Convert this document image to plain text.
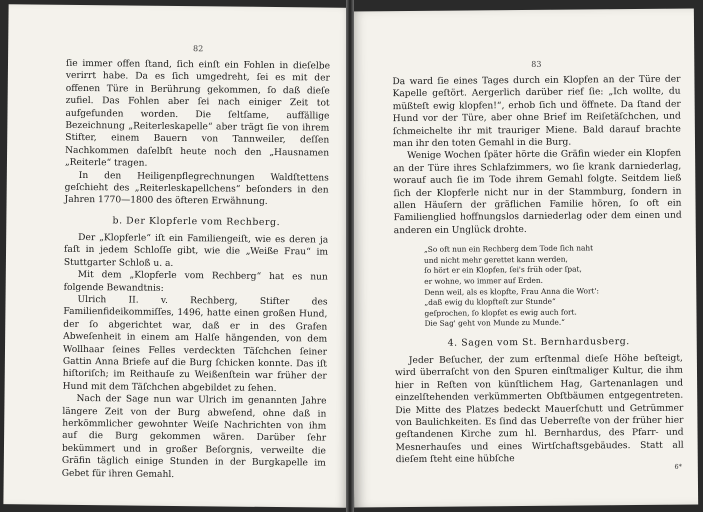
82

ſie immer offen ſtand, ſich einſt ein Fohlen in dieſelbe verirrt habe. Da es ſich umgedreht, ſei es mit der offenen Türe in Berührung gekommen, ſo daß dieſe zufiel. Das Fohlen aber ſei nach einiger Zeit tot aufgefunden worden. Die ſeltſame, auffällige Bezeichnung „Reiterleskapelle“ aber trägt ſie von ihrem Stifter, einem Bauern von Tannweiler, deſſen Nachkommen daſelbſt heute noch den „Hausnamen „Reiterle“ tragen.

In den Heiligenpflegrechnungen Waldſtettens geſchieht des „Reiterleskapellchens“ beſonders in den Jahren 1770—1800 des öfteren Erwähnung.

b. Der Klopferle vom Rechberg.

Der „Klopferle“ iſt ein Familiengeiſt, wie es deren ja faſt in jedem Schloſſe gibt, wie die „Weiße Frau“ im Stuttgarter Schloß u. a.

Mit dem „Klopferle vom Rechberg“ hat es nun folgende Bewandtnis:

Ulrich II. v. Rechberg, Stifter des Familienfideikommiſſes, 1496, hatte einen großen Hund, der ſo abgerichtet war, daß er in des Grafen Abweſenheit in einem am Halſe hängenden, von dem Wollhaar ſeines Felles verdeckten Täſchchen ſeiner Gattin Anna Briefe auf die Burg ſchicken konnte. Das iſt hiſtoriſch; im Reithauſe zu Weißenſtein war früher der Hund mit dem Täſchchen abgebildet zu ſehen.

Nach der Sage nun war Ulrich im genannten Jahre längere Zeit von der Burg abweſend, ohne daß in herkömmlicher gewohnter Weiſe Nachrichten von ihm auf die Burg gekommen wären. Darüber ſehr bekümmert und in großer Beſorgnis, verweilte die Gräfin täglich einige Stunden in der Burgkapelle im Gebet für ihren Gemahl.

83

Da ward ſie eines Tages durch ein Klopfen an der Türe der Kapelle geſtört. Aergerlich darüber rief ſie: „Ich wollte, du müßteſt ewig klopfen!“, erhob ſich und öffnete. Da ſtand der Hund vor der Türe, aber ohne Brief im Reiſetäſchchen, und ſchmeichelte ihr mit trauriger Miene. Bald darauf brachte man ihr den toten Gemahl in die Burg.

Wenige Wochen ſpäter hörte die Gräfin wieder ein Klopfen an der Türe ihres Schlafzimmers, wo ſie krank darniederlag, worauf auch ſie im Tode ihrem Gemahl folgte. Seitdem ließ ſich der Klopferle nicht nur in der Stammburg, ſondern in allen Häuſern der gräflichen Familie hören, ſo oft ein Familienglied hoffnungslos darniederlag oder dem einen und anderen ein Unglück drohte.

„So oft nun ein Rechberg dem Tode ſich naht
und nicht mehr gerettet kann werden,
ſo hört er ein Klopfen, ſei's früh oder ſpat,
er wohne, wo immer auf Erden.
Denn weil, als es klopfte, Frau Anna die Wort':
„daß ewig du klopfteſt zur Stunde“
geſprochen, ſo klopfet es ewig auch fort.
Die Sag' geht von Munde zu Munde.“
4. Sagen vom St. Bernhardusberg.

Jeder Beſucher, der zum erſtenmal dieſe Höhe beſteigt, wird überraſcht von den Spuren einſtmaliger Kultur, die ihm hier in Reſten von künſtlichem Hag, Gartenanlagen und einzelſtehenden verkümmerten Obſtbäumen entgegentreten. Die Mitte des Platzes bedeckt Mauerſchutt und Getrümmer von Baulichkeiten. Es ſind das Ueberreſte von der früher hier geſtandenen Kirche zum hl. Bernhardus, des Pfarr- und Mesnerhauſes und eines Wirtſchaftsgebäudes. Statt all dieſem ſteht eine hübſche

6*
